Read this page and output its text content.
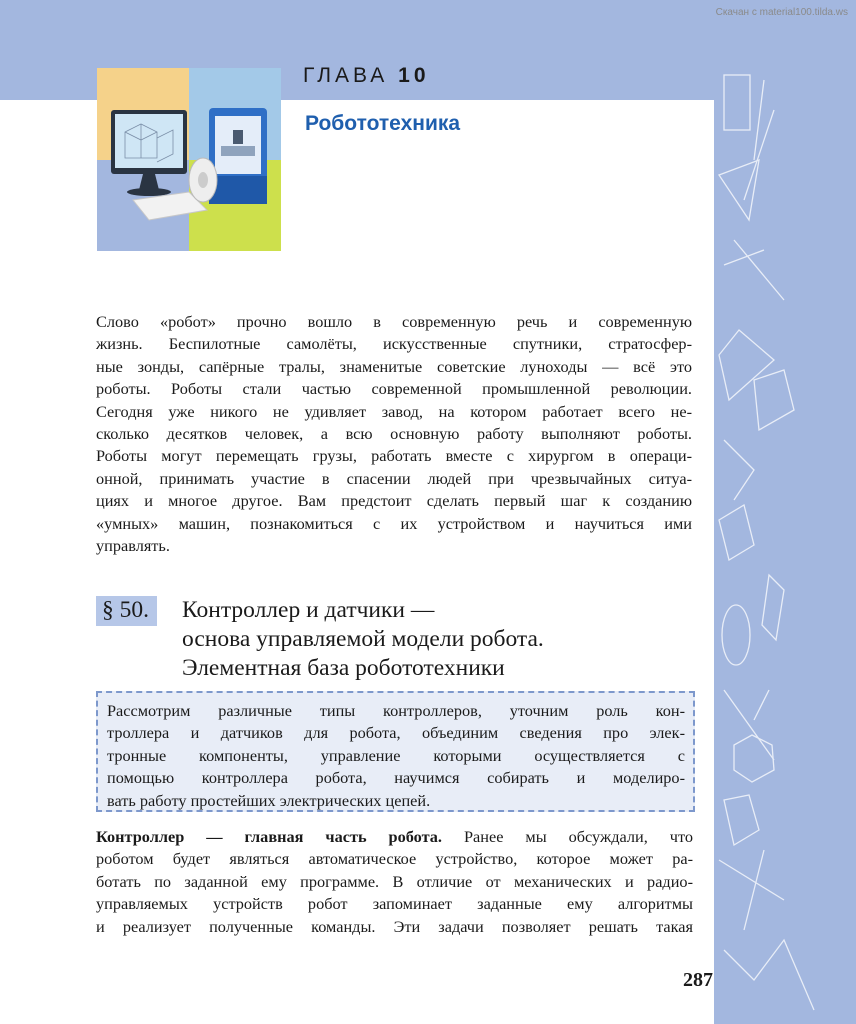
Скачан с material100.tilda.ws
ГЛАВА 10
Робототехника
Слово «робот» прочно вошло в современную речь и современную
жизнь. Беспилотные самолёты, искусственные спутники, стратосфер-
ные зонды, сапёрные тралы, знаменитые советские луноходы — всё это
роботы. Роботы стали частью современной промышленной революции.
Сегодня уже никого не удивляет завод, на котором работает всего не-
сколько десятков человек, а всю основную работу выполняют роботы.
Роботы могут перемещать грузы, работать вместе с хирургом в операци-
онной, принимать участие в спасении людей при чрезвычайных ситуа-
циях и многое другое. Вам предстоит сделать первый шаг к созданию
«умных» машин, познакомиться с их устройством и научиться ими
управлять.
§ 50.	Контроллер и датчики —
основа управляемой модели робота.
Элементная база робототехники
Рассмотрим различные типы контроллеров, уточним роль кон-
троллера и датчиков для робота, объединим сведения про элек-
тронные компоненты, управление которыми осуществляется с
помощью контроллера робота, научимся собирать и моделиро-
вать работу простейших электрических цепей.
Контроллер — главная часть робота. Ранее мы обсуждали, что
роботом будет являться автоматическое устройство, которое может ра-
ботать по заданной ему программе. В отличие от механических и радио-
управляемых устройств робот запоминает заданные ему алгоритмы
и реализует полученные команды. Эти задачи позволяет решать такая
287
